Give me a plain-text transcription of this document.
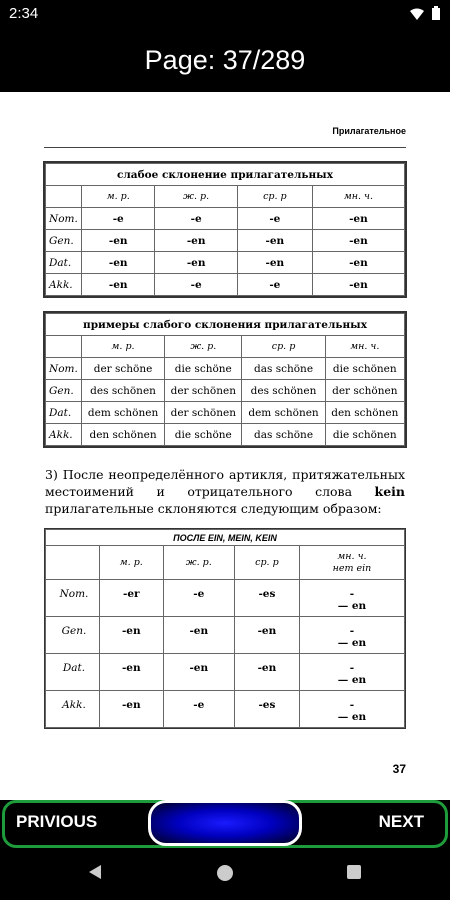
2:34
Page: 37/289
Прилагательное
слабое склонение прилагательных				
	м. р.	ж. р.	ср. р	мн. ч.
Nom.	-е	-е	-е	-en
Gen.	-en	-en	-en	-en
Dat.	-en	-en	-en	-en
Akk.	-en	-е	-е	-en
примеры слабого склонения прилагательных				
	м. р.	ж. р.	ср. р	мн. ч.
Nom.	der schöne	die schöne	das schöne	die schönen
Gen.	des schönen	der schönen	des schönen	der schönen
Dat.	dem schönen	der schönen	dem schönen	den schönen
Akk.	den schönen	die schöne	das schöne	die schönen
3) После неопределённого артикля, притяжательных местоимений и отрицательного слова kein прилагательные склоняются следующим образом:
ПОСЛЕ EIN, MEIN, KEIN				
	м. р.	ж. р.	ср. р	мн. ч.
нет ein

Nom.	-er	-e	-es	-
— en

Gen.	-en	-en	-en	-
— en

Dat.	-en	-en	-en	-
— en

Akk.	-en	-e	-es	-
— en
37
PRIVIOUS	NEXT
